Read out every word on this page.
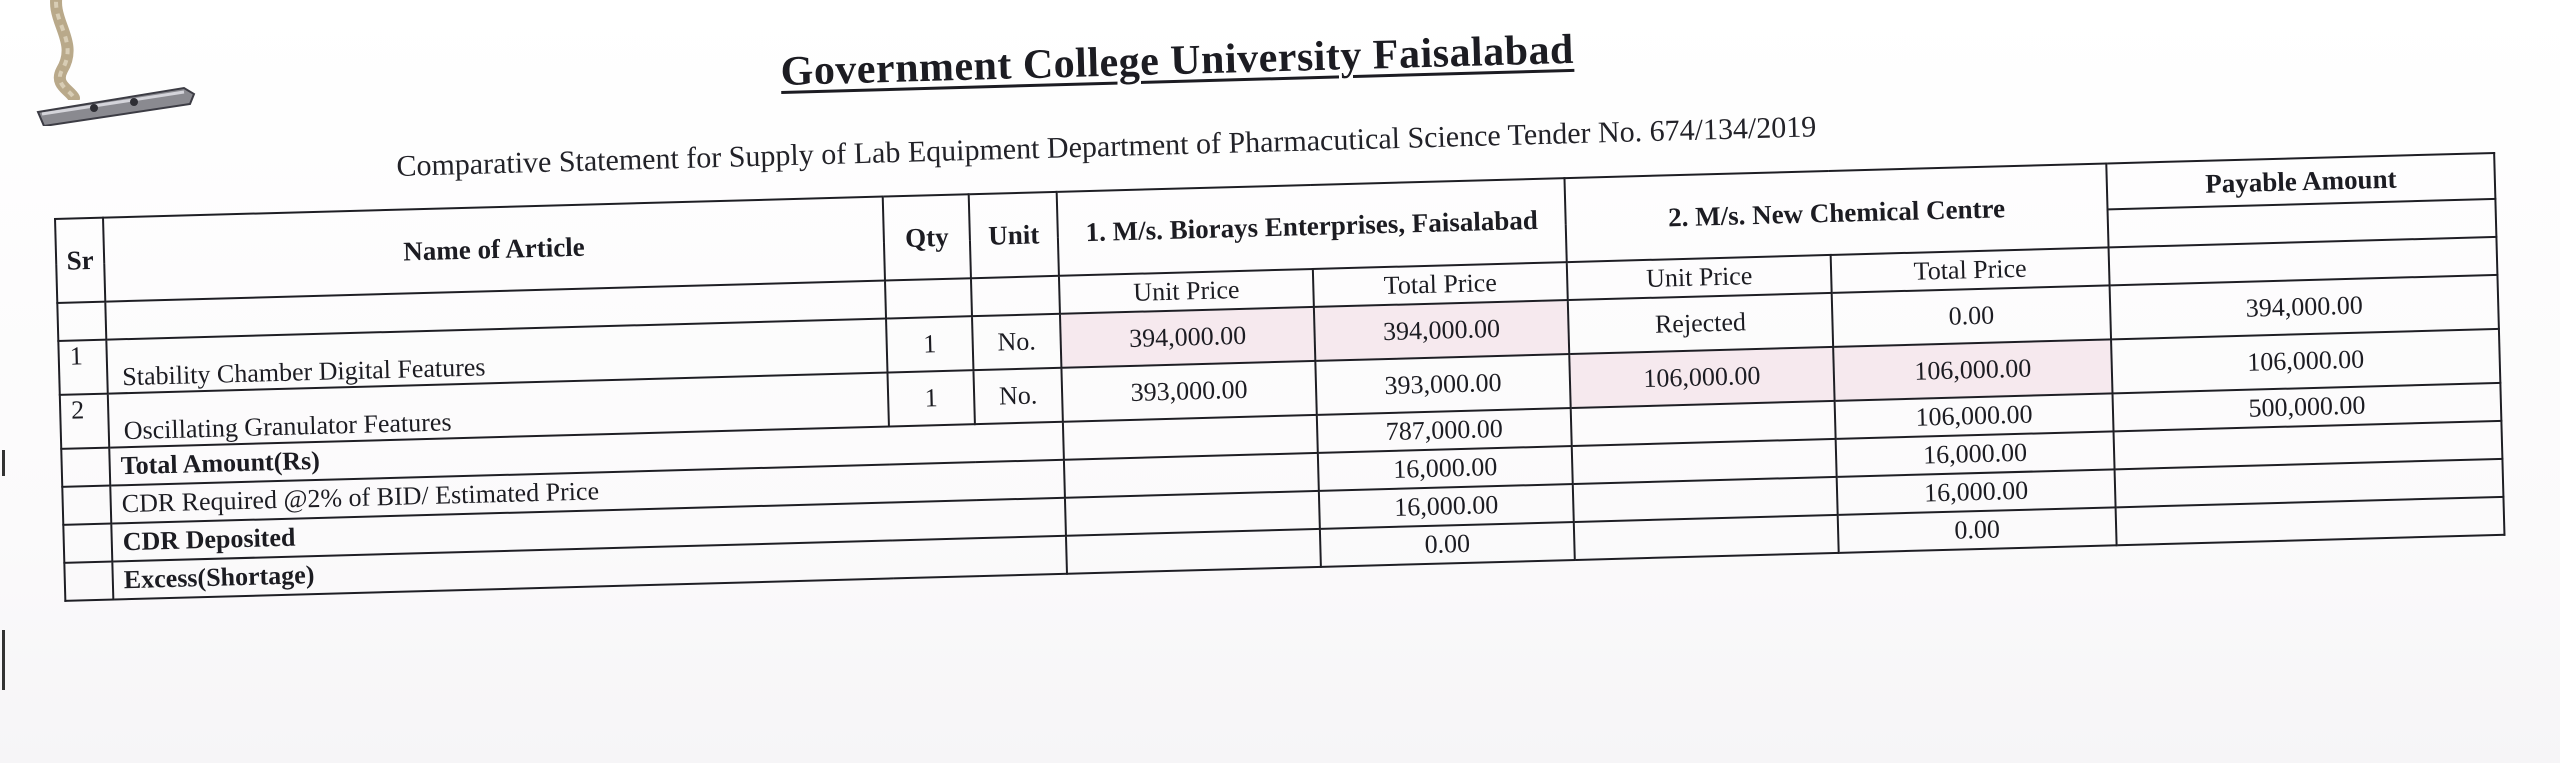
Government College University Faisalabad

Comparative Statement for Supply of Lab Equipment Department of Pharmacutical Science Tender No. 674/134/2019

Sr	Name of Article	Qty	Unit	1. M/s. Biorays Enterprises, Faisalabad		2. M/s. New Chemical Centre		Payable Amount

				Unit Price	Total Price	Unit Price	Total Price	
1	Stability Chamber Digital Features	1	No.	394,000.00	394,000.00	Rejected	0.00	394,000.00
2	Oscillating Granulator Features	1	No.	393,000.00	393,000.00	106,000.00	106,000.00	106,000.00
	Total Amount(Rs)				787,000.00		106,000.00	500,000.00
	CDR Required @2% of BID/ Estimated Price				16,000.00		16,000.00	
	CDR Deposited				16,000.00		16,000.00	
	Excess(Shortage)				0.00		0.00	
